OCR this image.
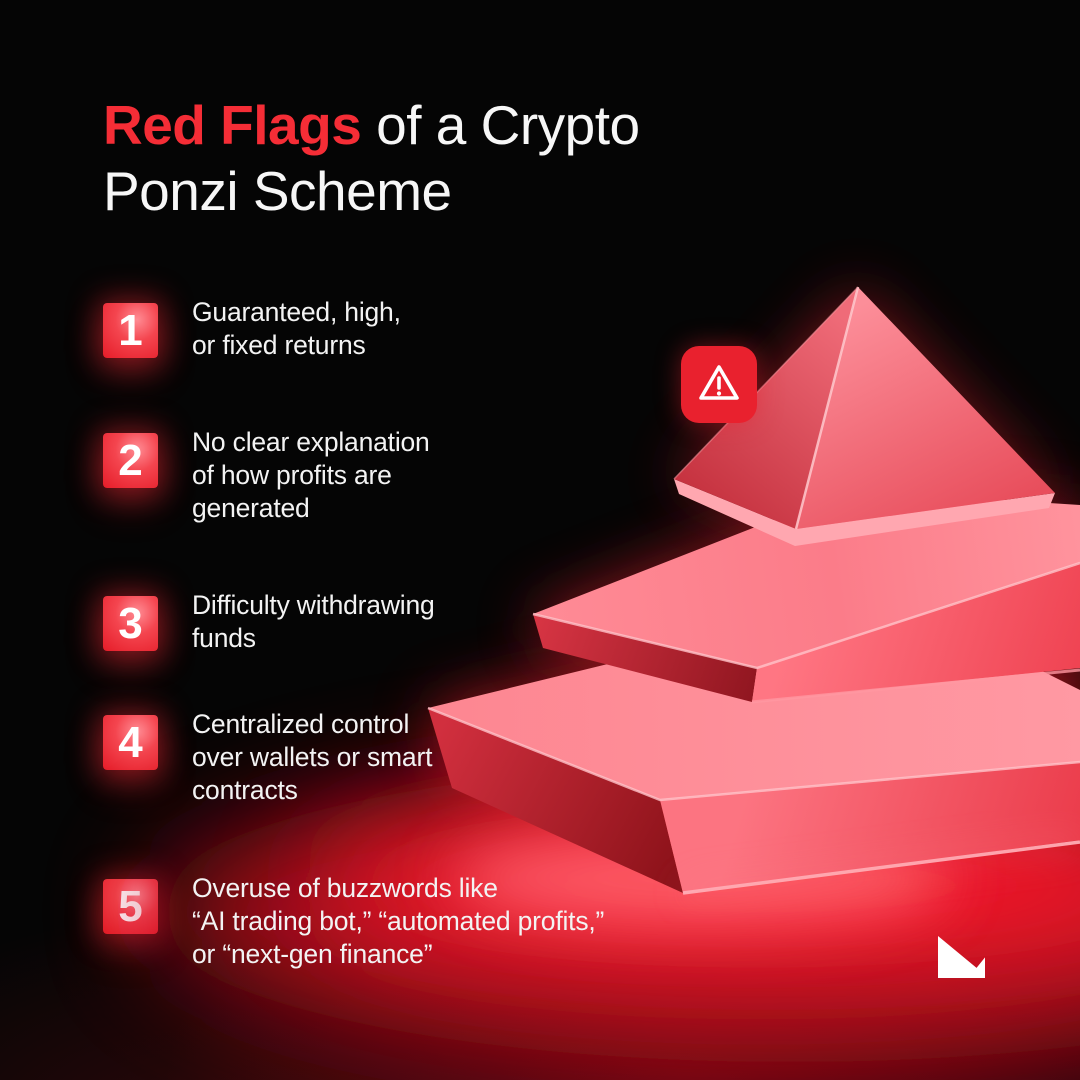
Red Flags of a Crypto
Ponzi Scheme
1 Guaranteed, high,
or fixed returns
2 No clear explanation
of how profits are
generated
3 Difficulty withdrawing
funds
4 Centralized control
over wallets or smart
contracts
5 Overuse of buzzwords like
“AI trading bot,” “automated profits,”
or “next-gen finance”
